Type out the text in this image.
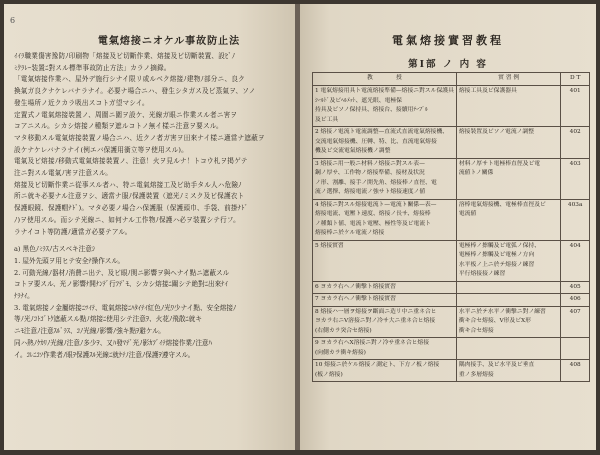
6
電氣熔接ニオケル事故防止法

ｲｲﾗ職業傷害豫防ﾉ印刷物「熔接及ビ切斷作業、熔接及ビ切斷裝置、設ﾋﾞﾉ

ﾐｸﾗﾚｰ装置ﾆ對スル標準事故防止方法」カラノ摘錄。

「電氣熔接作業ハ、屋外デ施行シナイ限リ或ルベク熔接ﾉ建物ﾉ部分ニ、良ク

換氣ガ良クナケレバナラナイ。必要ナ場合ニハ、發生シタガス及ビ蒸氣ヲ、ソノ

發生場所ノ近クカラ吸出スコトガ望マシイ。

定置式ノ電氣熔接裝置ノ、周圍ニ圍ヲ設ケ、光線ガ眼ニ作業スル者ニ害ヲ

コアニスル。シカシ熔接ノ種類ヲ遮ルコトノ無イ樣ニ注意ヲ要スル。

マタ移動スル電氣熔接裝置ノ場合ニハ、近クノ者ガ害ヲ田來ナイ樣ニ適當ナ遮蔽ヲ

設ケナケレバナラナイ(例エバ保護用衝立等ヲ使用スル)。

電氣及ビ熔接ﾉ移動式電氣熔接裝置ノ、注意！火ヲ見ルナ！トコウ札ヲ掲ゲテ

注ニ對スル電氣ﾉ害ヲ注意スル。

熔接及ビ切斷作業ニ從事スル者ハ、特ニ電氣熔接工及ビ助手タル人ハ危險ﾉ

所ニ就キ必要ナル注意ヲシ、適當ナ服ﾉ保護裝置（遮光ﾉミスク及ビ保護衣ト

保護眼鏡、保護帽ﾅﾄﾞ)。マタ必要ノ場合ハ保護服（保護頭巾、手袋、前掛ﾅﾄﾞ

ﾉ)ヲ使用スル。而シテ光線ニ、如何ナル工作物ﾉ保護ハ必ヲ装置シテ行フ。

ラナイコト等防護ﾉ適當ガ必要テアル。

a) 黑色ﾉﾐﾗｽﾉ古スベキ注意ｼ

1. 屋外先頭ヲ用ヒテ安全ﾅ操作スル。

2. 可動光線ﾉ器材ﾉ消費ニ出テ、及ビ眼ﾉ関ニ影響ヲ與ヘナイ點ニ遮蔽スル

コトヲ要スル、光ノ影響ﾅ開ﾅﾝﾃﾞ行ﾌﾃﾞﾓ、シカシ熔接ﾆ關シテ絶對ﾆ出來ﾅｲ

ﾅﾗﾅｲ。

3. 電氣熔接ノ金屬熔接ﾆﾂｲﾃ、電氣熔接ﾆﾊﾀｲﾃｲ紅色ﾉ光ﾜ少ナイ點、安全熔接ﾉ

等ﾉ光ﾉｺﾄｺﾞﾄｸ遮蔽スル點ﾉ熔接ﾆ使用シテ注意ｦ、火花ﾉ飛散ﾆ就キ

ニﾓ注意ﾉ注意ｽﾙﾞﾗｽ、ｺﾉ光線ﾉ影響ﾉ強キ點ｦ避ケル。

同ハ熱ﾉｹｶﾘﾉ光線ﾉ注意ﾉ多少ｦ、又ﾊ發ﾏﾃﾞ光ﾉ影ｶﾌﾞｲﾃ熔接作業ﾉ注意ﾊ

イ。ｺﾚﾆｺｿ作業者ﾉ眼ｦ保護ｽﾙ光線ﾆ就ｹﾃﾉ注意ﾉ保護ｦ遵守スル。

電氣熔接實習教程
第Ⅰ部 ノ 内 容
教　　　　授	實 習 例	D T

1 電氣熔接用具ト電流熔接準備—熔接ニ對スル保護具
ｼｰﾙﾄﾞ及ビﾍﾙﾒｯﾄ、遮光眼、電極保
持具及ビソノ保持具、熔接台、接續用ﾃｰﾌﾞﾙ
及ビ工具	熔接工具及ビ保護器具	401

2 熔接ノ電流ト電流調整—直流式直流電氣熔接機、
交流電氣熔接機、圧轉、特、比、直流電氣熔接
機及ビ交流電氣熔接機ノ調整	熔接裝置及ビソノ電流ノ調整	402

3 熔接ニ用一般ニ材料ノ熔接ニ對スル表—
鋼ノ厚サ、工作物ノ熔接準備、接材及状況
ノ形、割離、接手ノ開先角、熔接棒ノ直徑、電
流ノ選擇、熔接電流ノ強サト熔接速度ノ値	材料ノ厚サト電極棒直徑及ビ電
流値トノ關係	403

4 熔接ニ對スル熔接電流ト—電流ト關係—表—
熔接電流、電壓ト速度、熔接ノ長サ、熔接棒
ノ種類ト値、電流ト電壓、極性等及ビ電流ト
熔接棒ニ於ケル電流ノ熔接	溶棒電氣熔接機、電極棒直徑及ビ
電流値	403a

5 熔接實習	電極棒ノ擦觸及ビ電弧ノ保持、
電極棒ノ擦觸及ビ電極ノ方向
水平板ノ上ニ於テ熔接ノ練習
平行熔接接ノ練習	404

6 ヨカラ右へノ衝擊ト熔接實習		405

7 ヨカラ右へノ衝擊ト熔接實習		406

8 熔接ハ一層ヲ熔接ヲ斷面ニ造リ中ニ重ネ合ヒ
ヨカラ右ニV溶接ニ對ノ冷サ大ニ重ネ合ヒ熔接
(右側カラ突合セ熔接)	水平ニ於テ水平ノ衝擊ニ對ノ練習
衝キ合セ熔接、V形及ビX形
衝キ合セ熔接	407

9 ヨカラ右ヘX溶接ニ對ノ冷サ重ネ合ヒ熔接
(向側カラ衝キ熔接)		

10 熔接ニ於ケル熔接ノ測定ト、下方ノ板ノ熔接
(板ノ熔接)	隅肉接手、及ビ水平及ビ垂直
重ノ多層熔接	408
